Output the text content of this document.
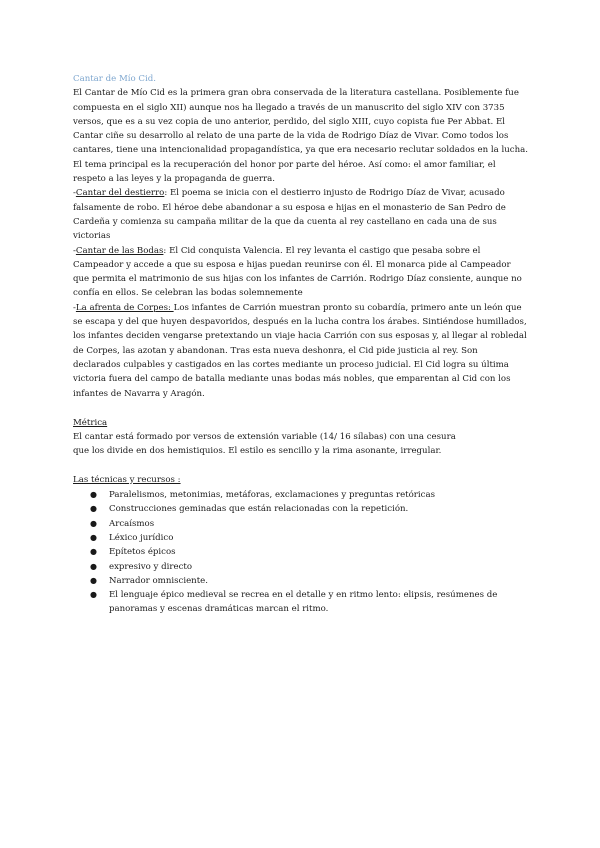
Cantar de Mío Cid.

El Cantar de Mío Cid es la primera gran obra conservada de la literatura castellana. Posiblemente fue compuesta en el siglo XII) aunque nos ha llegado a través de un manuscrito del siglo XIV con 3735 versos, que es a su vez copia de uno anterior, perdido, del siglo XIII, cuyo copista fue Per Abbat. El Cantar ciñe su desarrollo al relato de una parte de la vida de Rodrigo Díaz de Vivar. Como todos los cantares, tiene una intencionalidad propagandística, ya que era necesario reclutar soldados en la lucha. El tema principal es la recuperación del honor por parte del héroe. Así como: el amor familiar, el respeto a las leyes y la propaganda de guerra.

-Cantar del destierro: El poema se inicia con el destierro injusto de Rodrigo Díaz de Vivar, acusado falsamente de robo. El héroe debe abandonar a su esposa e hijas en el monasterio de San Pedro de Cardeña y comienza su campaña militar de la que da cuenta al rey castellano en cada una de sus victorias

-Cantar de las Bodas: El Cid conquista Valencia. El rey levanta el castigo que pesaba sobre el Campeador y accede a que su esposa e hijas puedan reunirse con él. El monarca pide al Campeador que permita el matrimonio de sus hijas con los infantes de Carrión. Rodrigo Díaz consiente, aunque no confía en ellos. Se celebran las bodas solemnemente

-La afrenta de Corpes: Los infantes de Carrión muestran pronto su cobardía, primero ante un león que se escapa y del que huyen despavoridos, después en la lucha contra los árabes. Sintiéndose humillados, los infantes deciden vengarse pretextando un viaje hacia Carrión con sus esposas y, al llegar al robledal de Corpes, las azotan y abandonan. Tras esta nueva deshonra, el Cid pide justicia al rey. Son declarados culpables y castigados en las cortes mediante un proceso judicial. El Cid logra su última victoria fuera del campo de batalla mediante unas bodas más nobles, que emparentan al Cid con los infantes de Navarra y Aragón.

Métrica

El cantar está formado por versos de extensión variable (14/ 16 sílabas) con una cesura

que los divide en dos hemistiquios. El estilo es sencillo y la rima asonante, irregular.

Las técnicas y recursos :

● Paralelismos, metonimias, metáforas, exclamaciones y preguntas retóricas
● Construcciones geminadas que están relacionadas con la repetición.
● Arcaísmos
● Léxico jurídico
● Epítetos épicos
● expresivo y directo
● Narrador omnisciente.
● El lenguaje épico medieval se recrea en el detalle y en ritmo lento: elipsis, resúmenes de panoramas y escenas dramáticas marcan el ritmo.
